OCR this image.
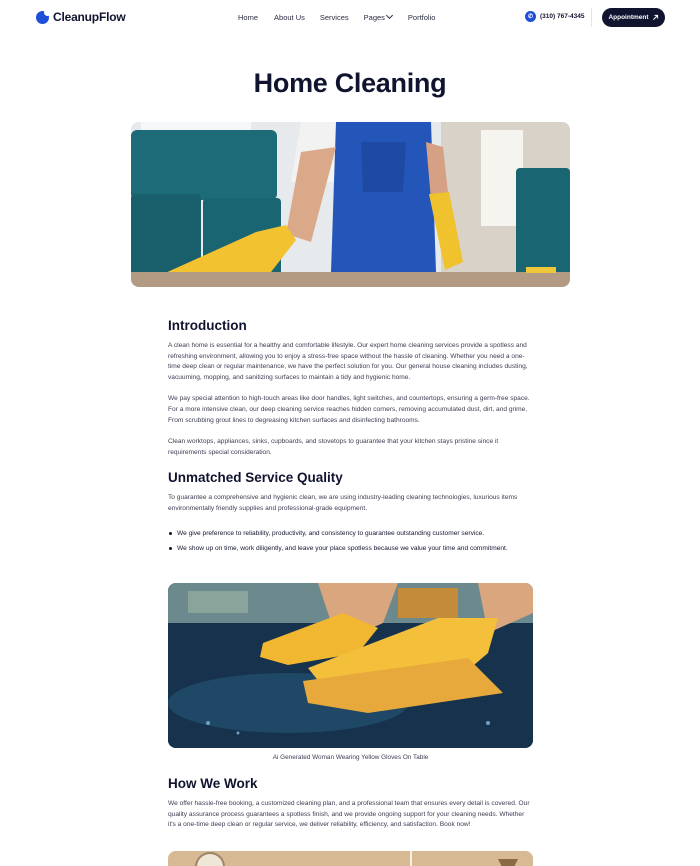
CleanupFlow	Home About Us Services Pages	Portfolio	✆	(310) 767-4345	Appointment
Home Cleaning
Introduction

A clean home is essential for a healthy and comfortable lifestyle. Our expert home cleaning services provide a spotless and refreshing environment, allowing you to enjoy a stress-free space without the hassle of cleaning. Whether you need a one-time deep clean or regular maintenance, we have the perfect solution for you. Our general house cleaning includes dusting, vacuuming, mopping, and sanitizing surfaces to maintain a tidy and hygienic home.

We pay special attention to high-touch areas like door handles, light switches, and countertops, ensuring a germ-free space. For a more intensive clean, our deep cleaning service reaches hidden corners, removing accumulated dust, dirt, and grime. From scrubbing grout lines to degreasing kitchen surfaces and disinfecting bathrooms.

Clean worktops, appliances, sinks, cupboards, and stovetops to guarantee that your kitchen stays pristine since it requirements special consideration.

Unmatched Service Quality

To guarantee a comprehensive and hygienic clean, we are using industry-leading cleaning technologies, luxurious items environmentally friendly supplies and professional-grade equipment.

We give preference to reliability, productivity, and consistency to guarantee outstanding customer service.
We show up on time, work diligently, and leave your place spotless because we value your time and commitment.
Ai Generated Woman Wearing Yellow Gloves On Table
How We Work

We offer hassle-free booking, a customized cleaning plan, and a professional team that ensures every detail is covered. Our quality assurance process guarantees a spotless finish, and we provide ongoing support for your cleaning needs. Whether it's a one-time deep clean or regular service, we deliver reliability, efficiency, and satisfaction. Book now!
